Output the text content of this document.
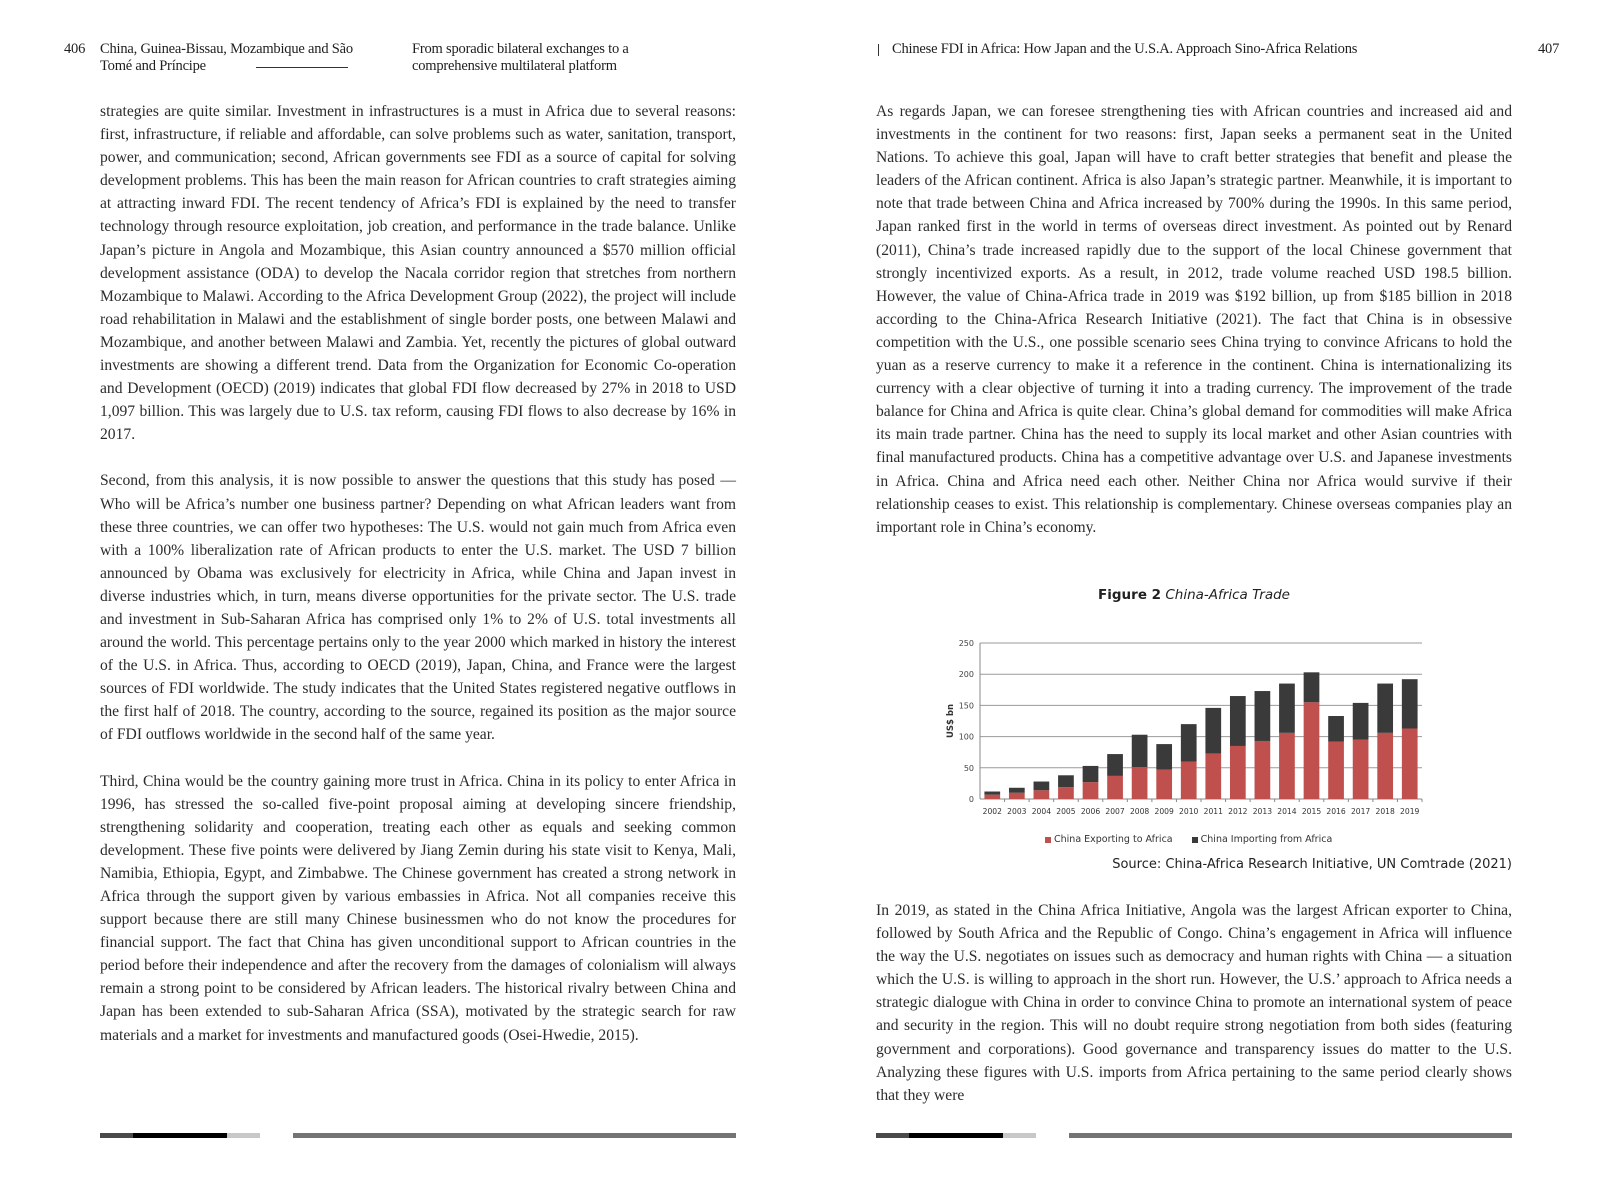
406 China, Guinea-Bissau, Mozambique and São Tomé and Príncipe
From sporadic bilateral exchanges to a comprehensive multilateral platform

strategies are quite similar. Investment in infrastructures is a must in Africa due to several reasons: first, infrastructure, if reliable and affordable, can solve problems such as water, sanitation, transport, power, and communication; second, African governments see FDI as a source of capital for solving development problems. This has been the main reason for African countries to craft strategies aiming at attracting inward FDI. The recent tendency of Africa’s FDI is explained by the need to transfer technology through resource exploitation, job creation, and performance in the trade balance. Unlike Japan’s picture in Angola and Mozambique, this Asian country announced a $570 million official development assistance (ODA) to develop the Nacala corridor region that stretches from northern Mozambique to Malawi. According to the Africa Development Group (2022), the project will include road rehabilitation in Malawi and the establishment of single border posts, one between Malawi and Mozambique, and another between Malawi and Zambia. Yet, recently the pictures of global outward investments are showing a different trend. Data from the Organization for Economic Co-operation and Development (OECD) (2019) indicates that global FDI flow decreased by 27% in 2018 to USD 1,097 billion. This was largely due to U.S. tax reform, causing FDI flows to also decrease by 16% in 2017.

Second, from this analysis, it is now possible to answer the questions that this study has posed — Who will be Africa’s number one business partner? Depending on what African leaders want from these three countries, we can offer two hypotheses: The U.S. would not gain much from Africa even with a 100% liberalization rate of African products to enter the U.S. market. The USD 7 billion announced by Obama was exclusively for electricity in Africa, while China and Japan invest in diverse industries which, in turn, means diverse opportunities for the private sector. The U.S. trade and investment in Sub-Saharan Africa has comprised only 1% to 2% of U.S. total investments all around the world. This percentage pertains only to the year 2000 which marked in history the interest of the U.S. in Africa. Thus, according to OECD (2019), Japan, China, and France were the largest sources of FDI worldwide. The study indicates that the United States registered negative outflows in the first half of 2018. The country, according to the source, regained its position as the major source of FDI outflows worldwide in the second half of the same year.

Third, China would be the country gaining more trust in Africa. China in its policy to enter Africa in 1996, has stressed the so-called five-point proposal aiming at developing sincere friendship, strengthening solidarity and cooperation, treating each other as equals and seeking common development. These five points were delivered by Jiang Zemin during his state visit to Kenya, Mali, Namibia, Ethiopia, Egypt, and Zimbabwe. The Chinese government has created a strong network in Africa through the support given by various embassies in Africa. Not all companies receive this support because there are still many Chinese businessmen who do not know the procedures for financial support. The fact that China has given unconditional support to African countries in the period before their independence and after the recovery from the damages of colonialism will always remain a strong point to be considered by African leaders. The historical rivalry between China and Japan has been extended to sub-Saharan Africa (SSA), motivated by the strategic search for raw materials and a market for investments and manufactured goods (Osei-Hwedie, 2015).

Chinese FDI in Africa: How Japan and the U.S.A. Approach Sino-Africa Relations	407

As regards Japan, we can foresee strengthening ties with African countries and increased aid and investments in the continent for two reasons: first, Japan seeks a permanent seat in the United Nations. To achieve this goal, Japan will have to craft better strategies that benefit and please the leaders of the African continent. Africa is also Japan’s strategic partner. Meanwhile, it is important to note that trade between China and Africa increased by 700% during the 1990s. In this same period, Japan ranked first in the world in terms of overseas direct investment. As pointed out by Renard (2011), China’s trade increased rapidly due to the support of the local Chinese government that strongly incentivized exports. As a result, in 2012, trade volume reached USD 198.5 billion. However, the value of China-Africa trade in 2019 was $192 billion, up from $185 billion in 2018 according to the China-Africa Research Initiative (2021). The fact that China is in obsessive competition with the U.S., one possible scenario sees China trying to convince Africans to hold the yuan as a reserve currency to make it a reference in the continent. China is internationalizing its currency with a clear objective of turning it into a trading currency. The improvement of the trade balance for China and Africa is quite clear. China’s global demand for commodities will make Africa its main trade partner. China has the need to supply its local market and other Asian countries with final manufactured products. China has a competitive advantage over U.S. and Japanese investments in Africa. China and Africa need each other. Neither China nor Africa would survive if their relationship ceases to exist. This relationship is complementary. Chinese overseas companies play an important role in China’s economy.

Figure 2 China-Africa Trade
0
50
100
150
200
250
US$ bn
2002 2003 2004 2005 2006 2007 2008 2009 2010 2011 2012 2013 2014 2015 2016 2017 2018 2019
China Exporting to Africa
	China Importing from Africa
Source: China-Africa Research Initiative, UN Comtrade (2021)

In 2019, as stated in the China Africa Initiative, Angola was the largest African exporter to China, followed by South Africa and the Republic of Congo. China’s engagement in Africa will influence the way the U.S. negotiates on issues such as democracy and human rights with China — a situation which the U.S. is willing to approach in the short run. However, the U.S.’ approach to Africa needs a strategic dialogue with China in order to convince China to promote an international system of peace and security in the region. This will no doubt require strong negotiation from both sides (featuring government and corporations). Good governance and transparency issues do matter to the U.S. Analyzing these figures with U.S. imports from Africa pertaining to the same period clearly shows that they were
